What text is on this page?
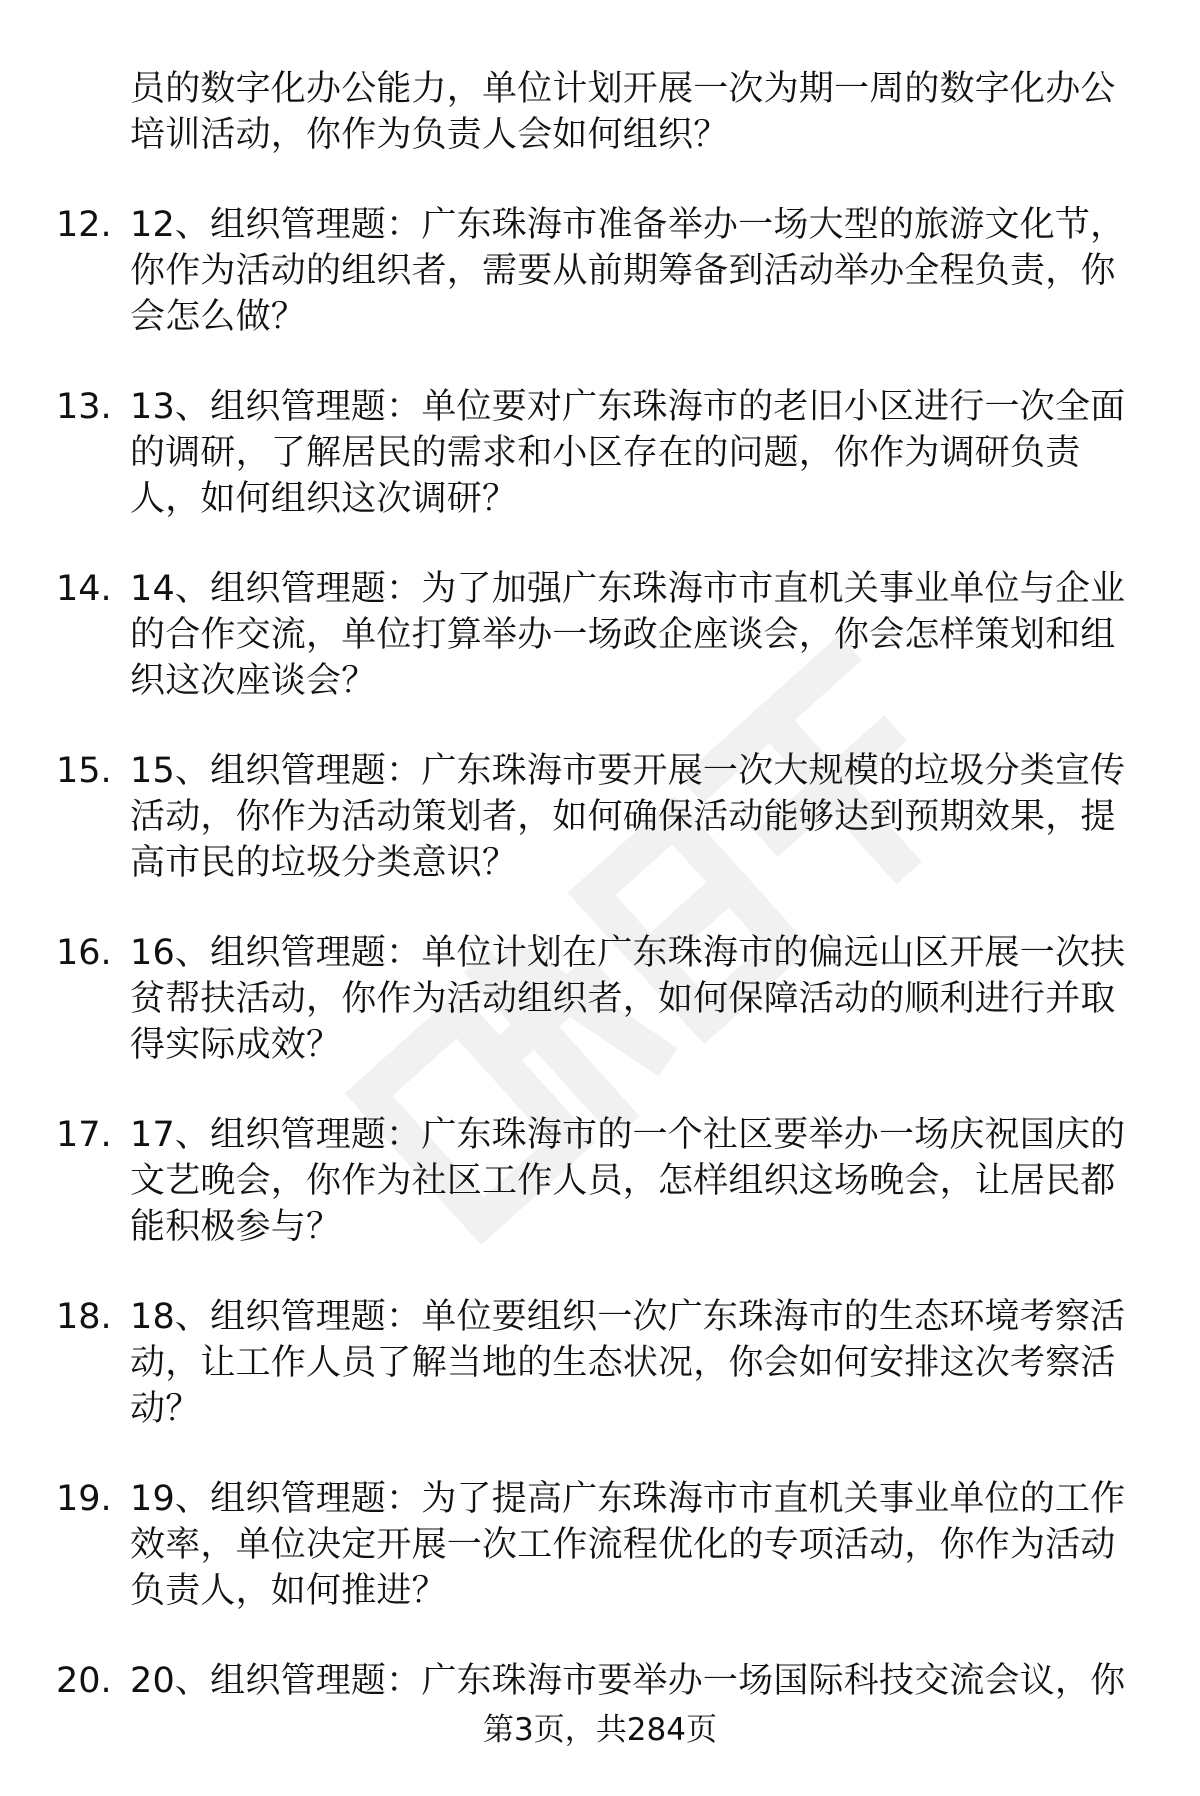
员的数字化办公能力，单位计划开展一次为期一周的数字化办公培训活动，你作为负责人会如何组织？
12. 12、组织管理题：广东珠海市准备举办一场大型的旅游文化节，你作为活动的组织者，需要从前期筹备到活动举办全程负责，你会怎么做？
13. 13、组织管理题：单位要对广东珠海市的老旧小区进行一次全面的调研，了解居民的需求和小区存在的问题，你作为调研负责人，如何组织这次调研？
14. 14、组织管理题：为了加强广东珠海市市直机关事业单位与企业的合作交流，单位打算举办一场政企座谈会，你会怎样策划和组织这次座谈会？
15. 15、组织管理题：广东珠海市要开展一次大规模的垃圾分类宣传活动，你作为活动策划者，如何确保活动能够达到预期效果，提高市民的垃圾分类意识？
16. 16、组织管理题：单位计划在广东珠海市的偏远山区开展一次扶贫帮扶活动，你作为活动组织者，如何保障活动的顺利进行并取得实际成效？
17. 17、组织管理题：广东珠海市的一个社区要举办一场庆祝国庆的文艺晚会，你作为社区工作人员，怎样组织这场晚会，让居民都能积极参与？
18. 18、组织管理题：单位要组织一次广东珠海市的生态环境考察活动，让工作人员了解当地的生态状况，你会如何安排这次考察活动？
19. 19、组织管理题：为了提高广东珠海市市直机关事业单位的工作效率，单位决定开展一次工作流程优化的专项活动，你作为活动负责人，如何推进？
20. 20、组织管理题：广东珠海市要举办一场国际科技交流会议，你
第3页，共284页
